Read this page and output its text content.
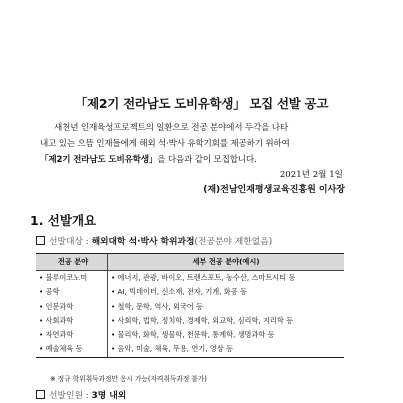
「제2기 전라남도 도비유학생」 모집 선발 공고

새천년 인재육성프로젝트의 일환으로 전공 분야에서 두각을 나타

내고 있는 으뜸 인재들에게 해외 석·박사 유학기회를 제공하기 위하여

「제2기 전라남도 도비유학생」을 다음과 같이 모집합니다.

2021년 2월 1일
(재)전남인재평생교육진흥원 이사장
1. 선발개요
선발대상 : 해외대학 석·박사 학위과정(전공분야 제한없음)
전공 분야	세부 전공 분야(예시)
• 블루이코노미	• 에너지, 관광, 바이오, 트랜스포트, 농수산, 스마트시티 등
• 공학	• AI, 빅데이터, 신소재, 전자, 기계, 화공 등
• 인문과학	• 철학, 문학, 역사, 외국어 등
• 사회과학	• 사회학, 법학, 정치학, 경제학, 외교학, 심리학, 지리학 등
• 자연과학	• 물리학, 화학, 생물학, 천문학, 통계학, 생명과학 등
• 예술체육 등	• 음악, 미술, 체육, 무용, 연기, 영상 등
※ 정규 학위취득과정만 응시 가능(자격취득과정 불가)
선발인원 : 3명 내외
